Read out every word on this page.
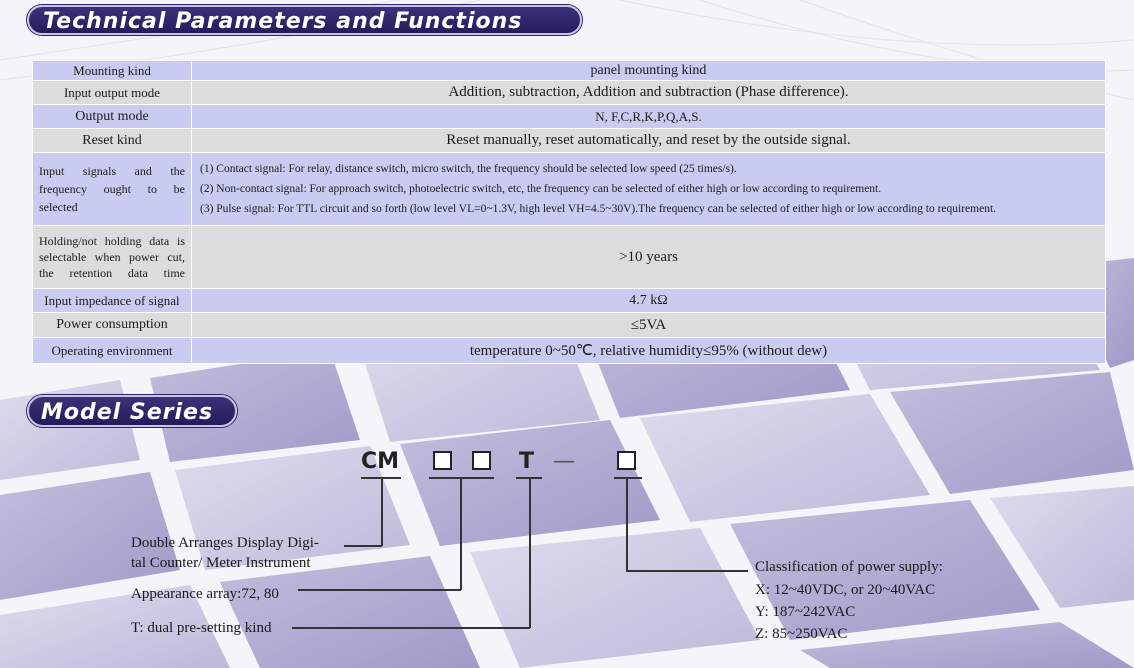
Technical Parameters and Functions
Mounting kind	panel mounting kind
Input output mode	Addition, subtraction, Addition and subtraction (Phase difference).
Output mode	N, F,C,R,K,P,Q,A,S.
Reset kind	Reset manually, reset automatically, and reset by the outside signal.
Input signals and the frequency ought to be selected	(1) Contact signal: For relay, distance switch, micro switch, the frequency should be selected low speed (25 times/s).
(2) Non-contact signal: For approach switch, photoelectric switch, etc, the frequency can be selected of either high or low according to requirement.
(3) Pulse signal: For TTL circuit and so forth (low level VL=0~1.3V, high level VH=4.5~30V).The frequency can be selected of either high or low according to requirement.

Holding/not holding data is selectable when power cut, the retention data time	>10 years
Input impedance of signal	4.7 kΩ
Power consumption	≤5VA
Operating environment	temperature 0~50℃, relative humidity≤95% (without dew)
Model Series
CM	T —
Double Arranges Display Digi-
tal Counter/ Meter Instrument
Appearance array:72, 80
T: dual pre-setting kind
Classification of power supply:
X: 12~40VDC, or 20~40VAC
Y: 187~242VAC
Z: 85~250VAC
